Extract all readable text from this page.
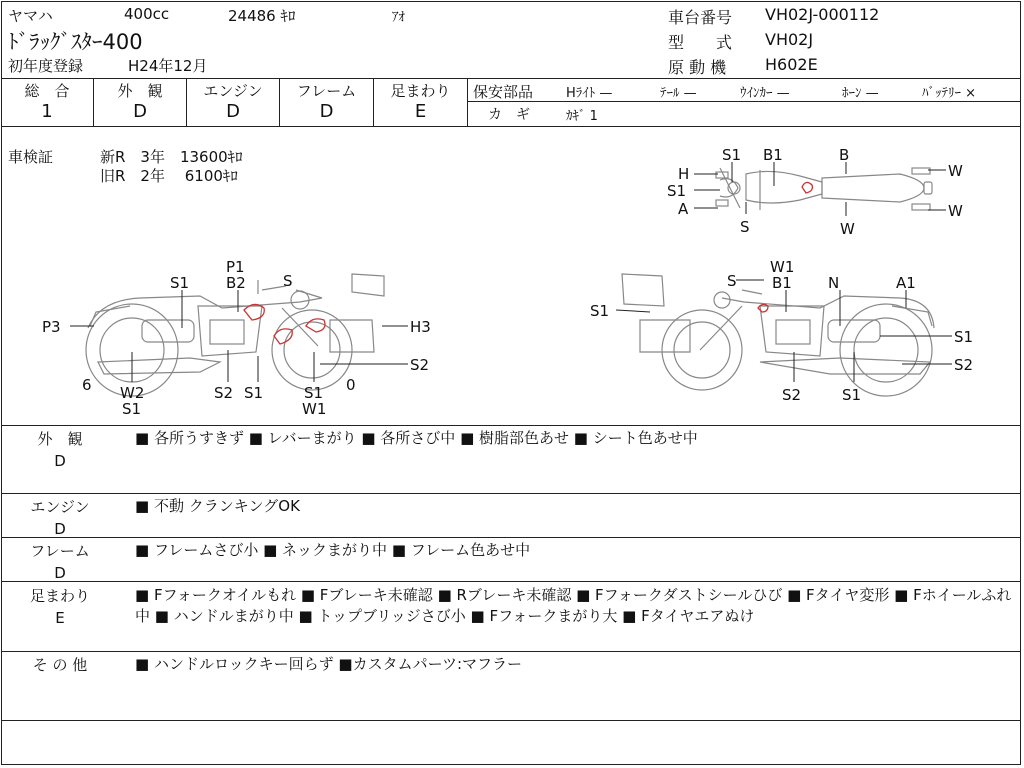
ヤマハ	400cc	24486 ｷﾛ	ｱｵ
ﾄﾞﾗｯｸﾞｽﾀｰ400
初年度登録	H24年12月
車台番号 VH02J-000112
型　　式 VH02J
原 動 機 H602E
総　合
1
外　観
D
エンジン
D
フレーム
D
足まわり
E
保安部品	Hﾗｲﾄ —	ﾃｰﾙ —	ｳｲﾝｶｰ —	ﾎｰﾝ —	ﾊﾞｯﾃﾘｰ ×
カ　ギ	ｶｷﾞ 1
車検証	新R　3年　13600ｷﾛ
旧R　2年　 6100ｷﾛ
S1 B1	B
H
S1
A
S	W
W
W
P1
B2 S
S1
P3	H3
S2
6 W2
S1
S2 S1	S1
W1
0
W1
S B1 N	A1
S1
S1
S2
S2	S1
外　観
D
■ 各所うすきず ■ レバーまがり ■ 各所さび中 ■ 樹脂部色あせ ■ シート色あせ中
エンジン
D
■ 不動 クランキングOK
フレーム
D
■ フレームさび小 ■ ネックまがり中 ■ フレーム色あせ中
足まわり
E
■ Fフォークオイルもれ ■ Fブレーキ未確認 ■ Rブレーキ未確認 ■ Fフォークダストシールひび ■ Fタイヤ変形 ■ Fホイールふれ中 ■ ハンドルまがり中 ■ トップブリッジさび小 ■ Fフォークまがり大 ■ Fタイヤエアぬけ
そ の 他	■ ハンドルロックキー回らず ■カスタムパーツ:マフラー
